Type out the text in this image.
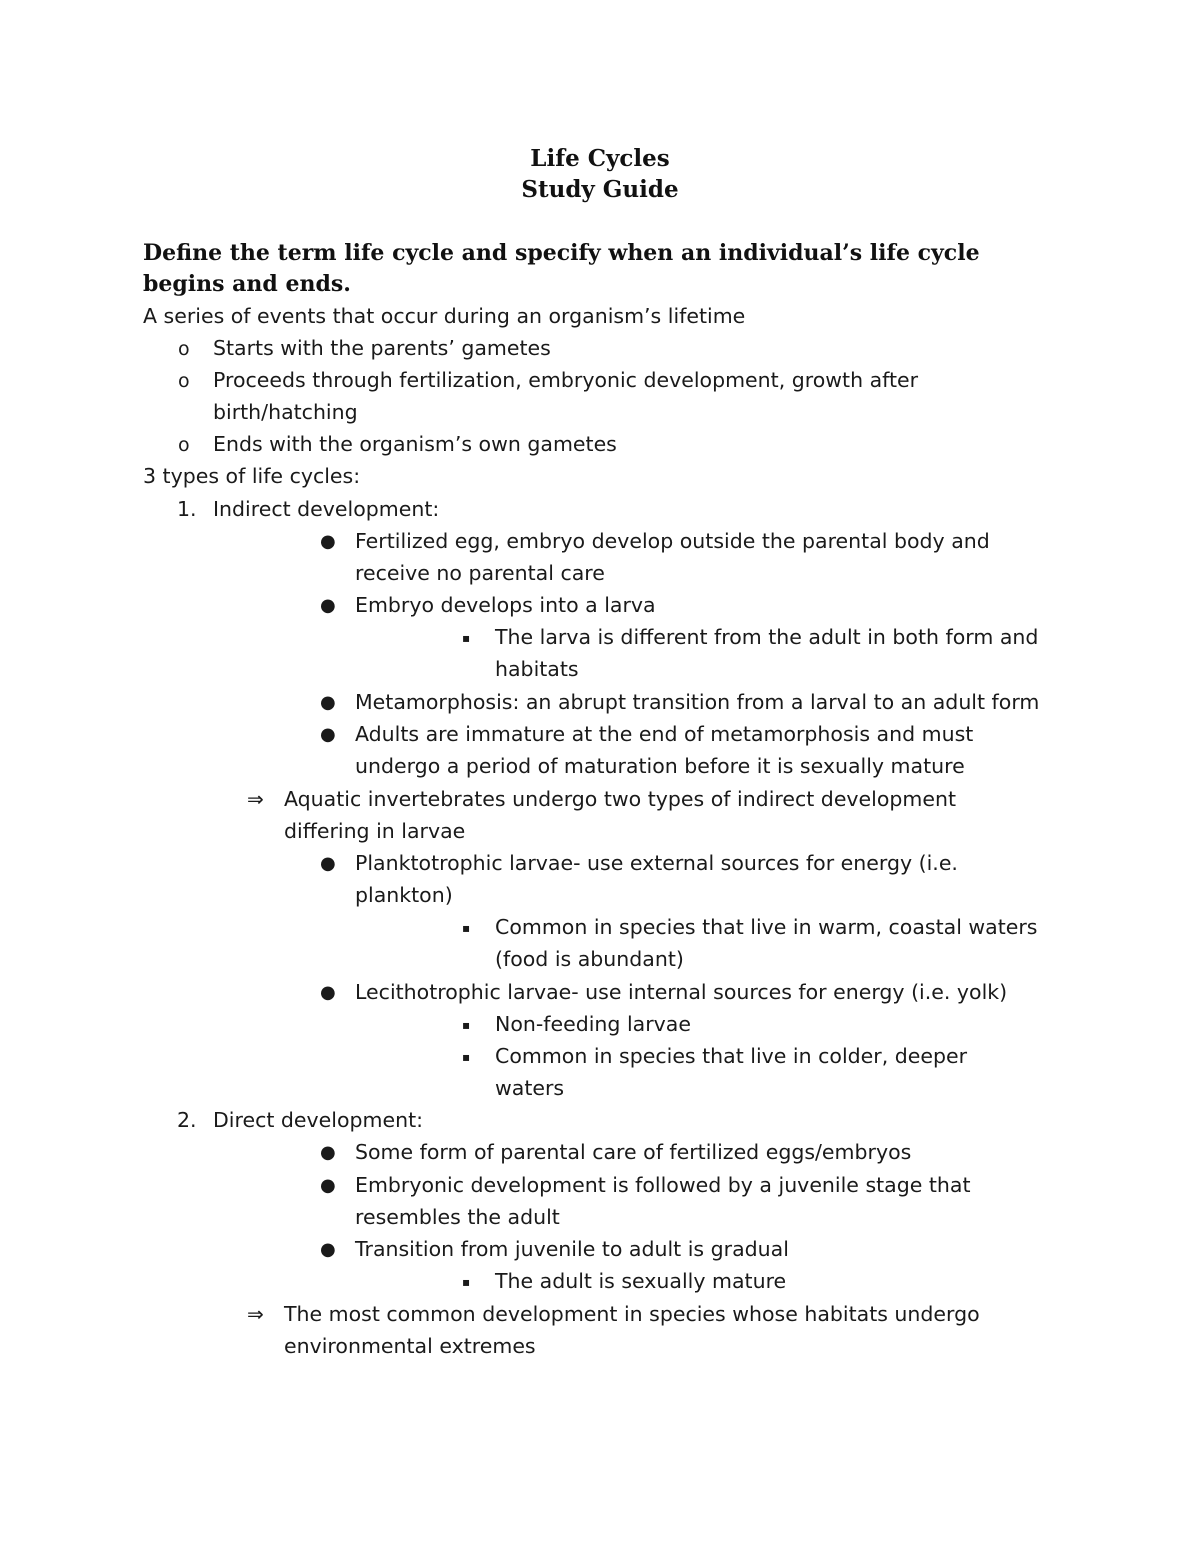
Life Cycles
Study Guide
Define the term life cycle and specify when an individual’s life cycle begins and ends.
A series of events that occur during an organism’s lifetime
o Starts with the parents’ gametes
o Proceeds through fertilization, embryonic development, growth after
birth/hatching
o Ends with the organism’s own gametes
3 types of life cycles:
1. Indirect development:
● Fertilized egg, embryo develop outside the parental body and
receive no parental care
● Embryo develops into a larva
▪ The larva is different from the adult in both form and
habitats
● Metamorphosis: an abrupt transition from a larval to an adult form
● Adults are immature at the end of metamorphosis and must
undergo a period of maturation before it is sexually mature
⇒ Aquatic invertebrates undergo two types of indirect development
differing in larvae
● Planktotrophic larvae- use external sources for energy (i.e.
plankton)
▪ Common in species that live in warm, coastal waters
(food is abundant)
● Lecithotrophic larvae- use internal sources for energy (i.e. yolk)
▪ Non-feeding larvae
▪ Common in species that live in colder, deeper
waters
2. Direct development:
● Some form of parental care of fertilized eggs/embryos
● Embryonic development is followed by a juvenile stage that
resembles the adult
● Transition from juvenile to adult is gradual
▪ The adult is sexually mature
⇒ The most common development in species whose habitats undergo
environmental extremes
